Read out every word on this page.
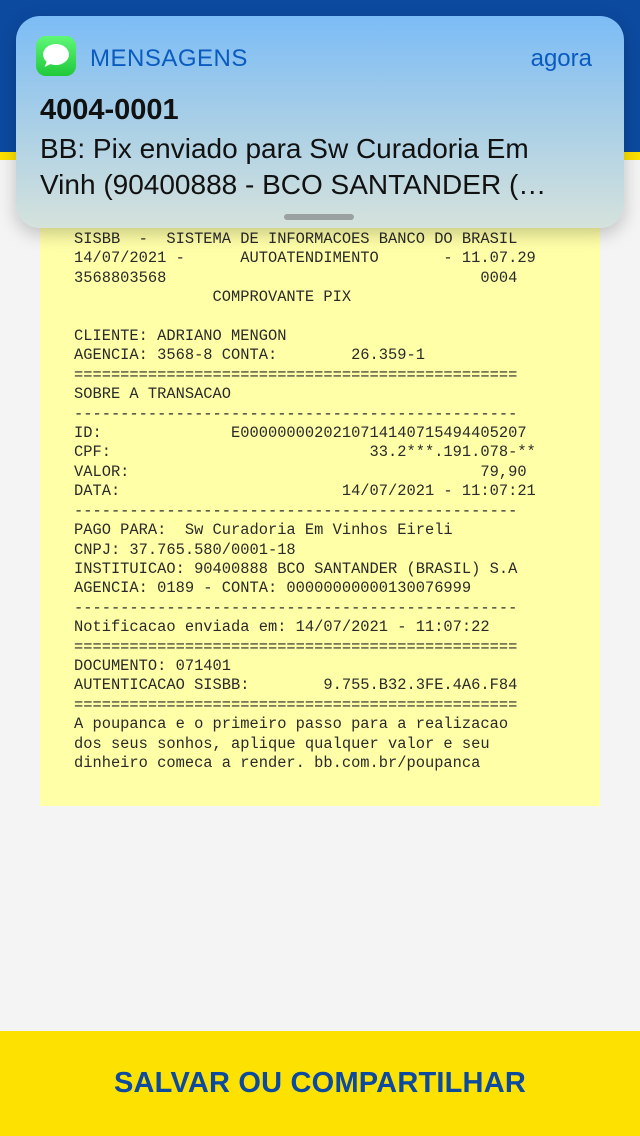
SISBB  -  SISTEMA DE INFORMACOES BANCO DO BRASIL
14/07/2021 -      AUTOATENDIMENTO       - 11.07.29
3568803568                                  0004
COMPROVANTE PIX

CLIENTE: ADRIANO MENGON
AGENCIA: 3568-8 CONTA:        26.359-1
================================================
SOBRE A TRANSACAO
------------------------------------------------
ID:              E00000000202107141407154944052​07
CPF:                            33.2***.191.078-**
VALOR:                                      79,90
DATA:                        14/07/2021 - 11:07:21
------------------------------------------------
PAGO PARA:  Sw Curadoria Em Vinhos Eireli
CNPJ: 37.765.580/0001-18
INSTITUICAO: 90400888 BCO SANTANDER (BRASIL) S.A
AGENCIA: 0189 - CONTA: 00000000000130076999
------------------------------------------------
Notificacao enviada em: 14/07/2021 - 11:07:22
================================================
DOCUMENTO: 071401
AUTENTICACAO SISBB:        9.755.B32.3FE.4A6.F84
================================================
A poupanca e o primeiro passo para a realizacao
dos seus sonhos, aplique qualquer valor e seu
dinheiro comeca a render. bb.com.br/poupanca
SALVAR OU COMPARTILHAR
MENSAGENS	agora
4004-0001
BB: Pix enviado para Sw Curadoria Em
Vinh (90400888 - BCO SANTANDER (…
